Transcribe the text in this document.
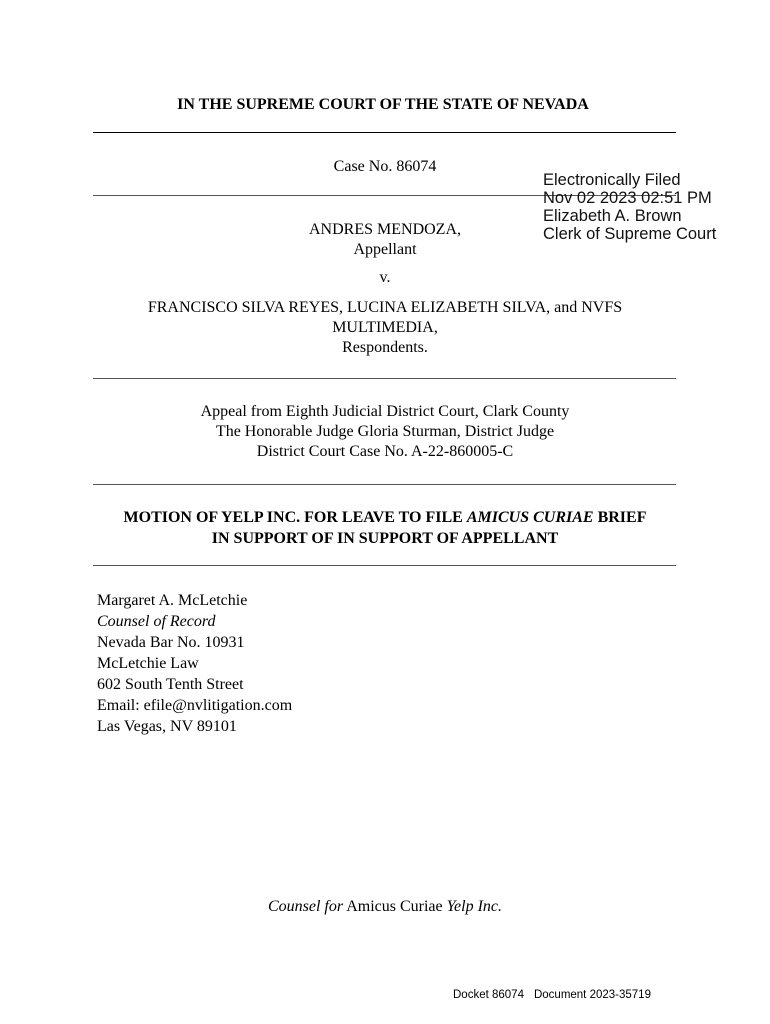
IN THE SUPREME COURT OF THE STATE OF NEVADA
Case No. 86074
Electronically Filed
Nov 02 2023 02:51 PM
Elizabeth A. Brown
Clerk of Supreme Court
ANDRES MENDOZA,
Appellant
v.
FRANCISCO SILVA REYES, LUCINA ELIZABETH SILVA, and NVFS
MULTIMEDIA,
Respondents.
Appeal from Eighth Judicial District Court, Clark County
The Honorable Judge Gloria Sturman, District Judge
District Court Case No. A-22-860005-C
MOTION OF YELP INC. FOR LEAVE TO FILE AMICUS CURIAE BRIEF
IN SUPPORT OF IN SUPPORT OF APPELLANT
Margaret A. McLetchie
Counsel of Record
Nevada Bar No. 10931
McLetchie Law
602 South Tenth Street
Email: efile@nvlitigation.com
Las Vegas, NV 89101
Counsel for Amicus Curiae Yelp Inc.
Docket 86074 Document 2023-35719
